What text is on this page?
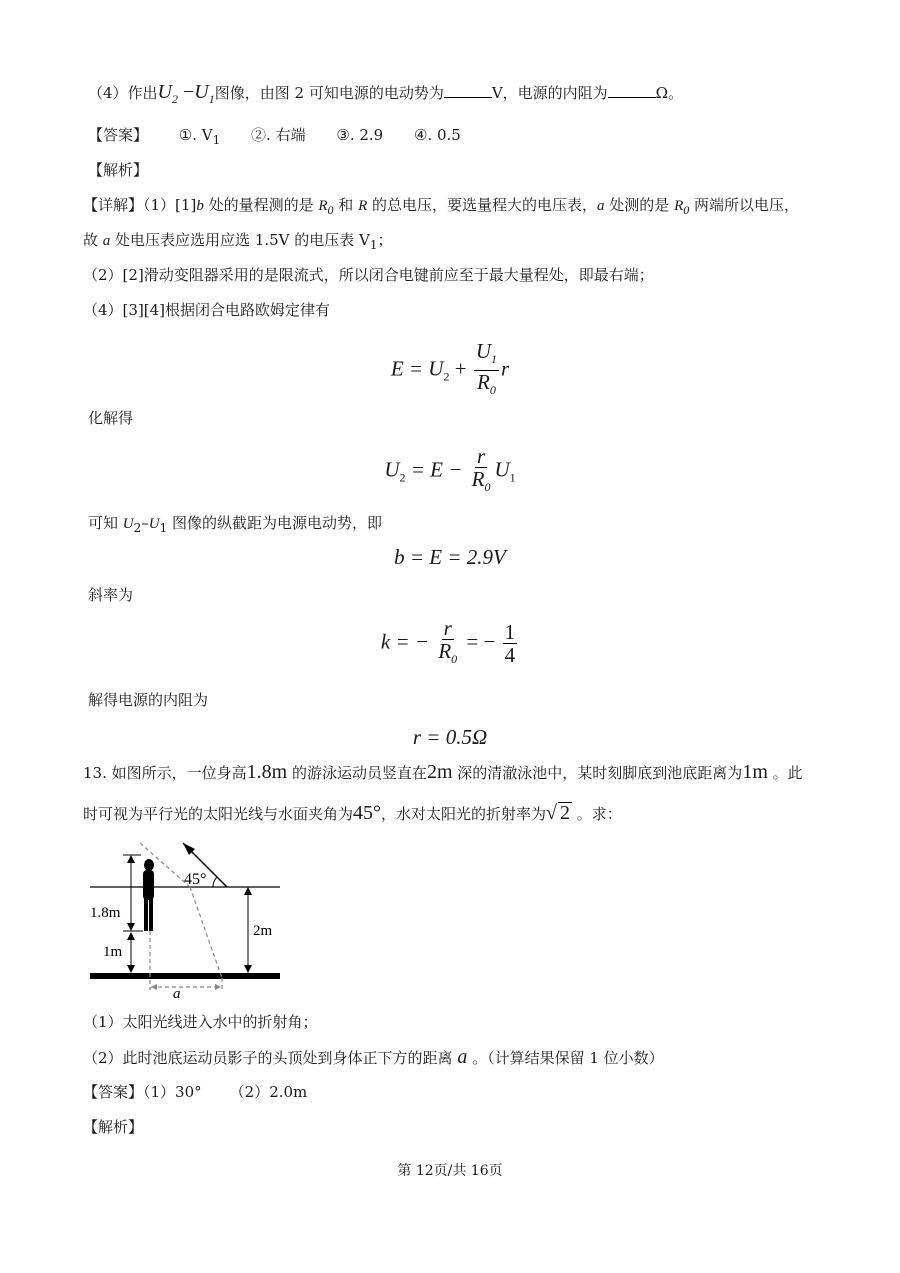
（4）作出$U_2 -U_1$图像，由图 2 可知电源的电动势为	V，电源的内阻为	Ω。
【答案】 ①. $V_1$ ②. 右端 ③. 2.9 ④. 0.5
【解析】
【详解】（1）[1]b 处的量程测的是 $R_0$ 和 R 的总电压，要选量程大的电压表，a 处测的是 $R_0$ 两端所以电压，
故 a 处电压表应选用应选 1.5V 的电压表 $V_1$；
（2）[2]滑动变阻器采用的是限流式，所以闭合电键前应至于最大量程处，即最右端；
（4）[3][4]根据闭合电路欧姆定律有
$E = U_2 + \frac{U_1}{R_0}$ r
化解得
$U_2 = E - \frac{r}{R_0} U_1$
可知 $U_2-U_1$ 图像的纵截距为电源电动势，即
b = E = 2.9V
斜率为
k = − $\frac{r}{R_0}$ = − $\frac{1}{4}$
解得电源的内阻为
r = 0.5Ω
13. 如图所示，一位身高1.8m 的游泳运动员竖直在2m 深的清澈泳池中，某时刻脚底到池底距离为1m 。此
时可视为平行光的太阳光线与水面夹角为45°，水对太阳光的折射率为√ 2 。求：
45°
a
1.8m
1m
2m
（1）太阳光线进入水中的折射角；
（2）此时池底运动员影子的头顶处到身体正下方的距离 a 。（计算结果保留 1 位小数）
【答案】（1）30° （2）2.0m
【解析】
第 12页/共 16页
